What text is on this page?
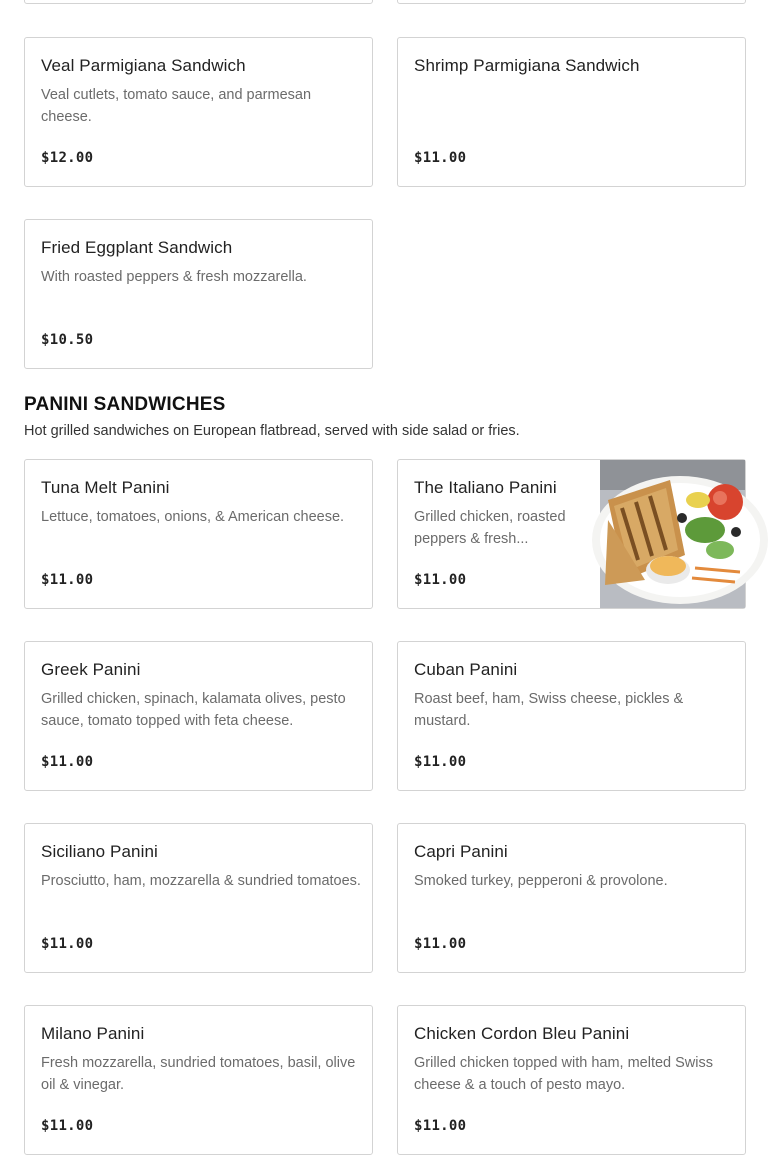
Veal Parmigiana Sandwich
Veal cutlets, tomato sauce, and parmesan cheese.
$12.00
Shrimp Parmigiana Sandwich
$11.00
Fried Eggplant Sandwich
With roasted peppers & fresh mozzarella.
$10.50
PANINI SANDWICHES
Hot grilled sandwiches on European flatbread, served with side salad or fries.
Tuna Melt Panini
Lettuce, tomatoes, onions, & American cheese.
$11.00
The Italiano Panini
Grilled chicken, roasted peppers & fresh...
$11.00
Greek Panini
Grilled chicken, spinach, kalamata olives, pesto sauce, tomato topped with feta cheese.
$11.00
Cuban Panini
Roast beef, ham, Swiss cheese, pickles & mustard.
$11.00
Siciliano Panini
Prosciutto, ham, mozzarella & sundried tomatoes.
$11.00
Capri Panini
Smoked turkey, pepperoni & provolone.
$11.00
Milano Panini
Fresh mozzarella, sundried tomatoes, basil, olive oil & vinegar.
$11.00
Chicken Cordon Bleu Panini
Grilled chicken topped with ham, melted Swiss cheese & a touch of pesto mayo.
$11.00
